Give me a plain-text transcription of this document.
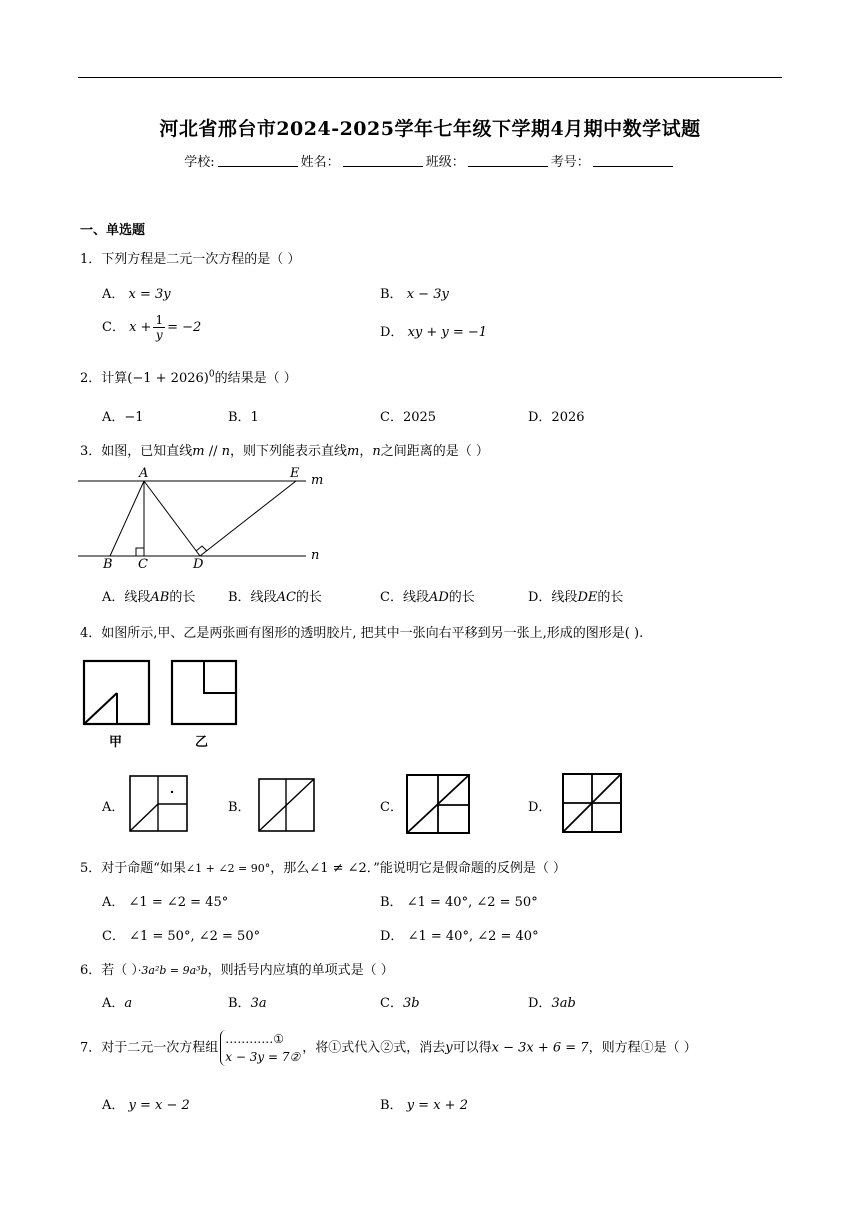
河北省邢台市2024-2025学年七年级下学期4月期中数学试题
学校:	姓名：	班级：	考号：
一、单选题
1．下列方程是二元一次方程的是（ ）
A． x = 3y	B． x − 3y
C． $x + \frac{1}{y} = -2$	D． xy + y = −1
2．计算$(-1 + 2026)^0$的结果是（ ）
A．−1	B．1	C．2025	D．2026
3．如图，已知直线m // n，则下列能表示直线m，n之间距离的是（ ）
A	E m
n
B C	D
A．线段AB的长	B．线段AC的长	C．线段AD的长	D．线段DE的长
4．如图所示,甲、乙是两张画有图形的透明胶片, 把其中一张向右平移到另一张上,形成的图形是( ).
甲	乙
A．	B．	C．	D．
5．对于命题“如果∠1 + ∠2 = 90°，那么∠1 ≠ ∠2．”能说明它是假命题的反例是（ ）
A． ∠1 = ∠2 = 45°	B． ∠1 = 40°, ∠2 = 50°
C． ∠1 = 50°, ∠2 = 50°	D． ∠1 = 40°, ∠2 = 40°
6．若（ ）·3a²b = 9a³b，则括号内应填的单项式是（ ）
A．a	B．3a	C．3b	D．3ab
7．对于二元一次方程组
…………①
x − 3y = 7②
，将①式代入②式，消去y可以得x − 3x + 6 = 7，则方程①是（ ）
A． y = x − 2	B． y = x + 2
